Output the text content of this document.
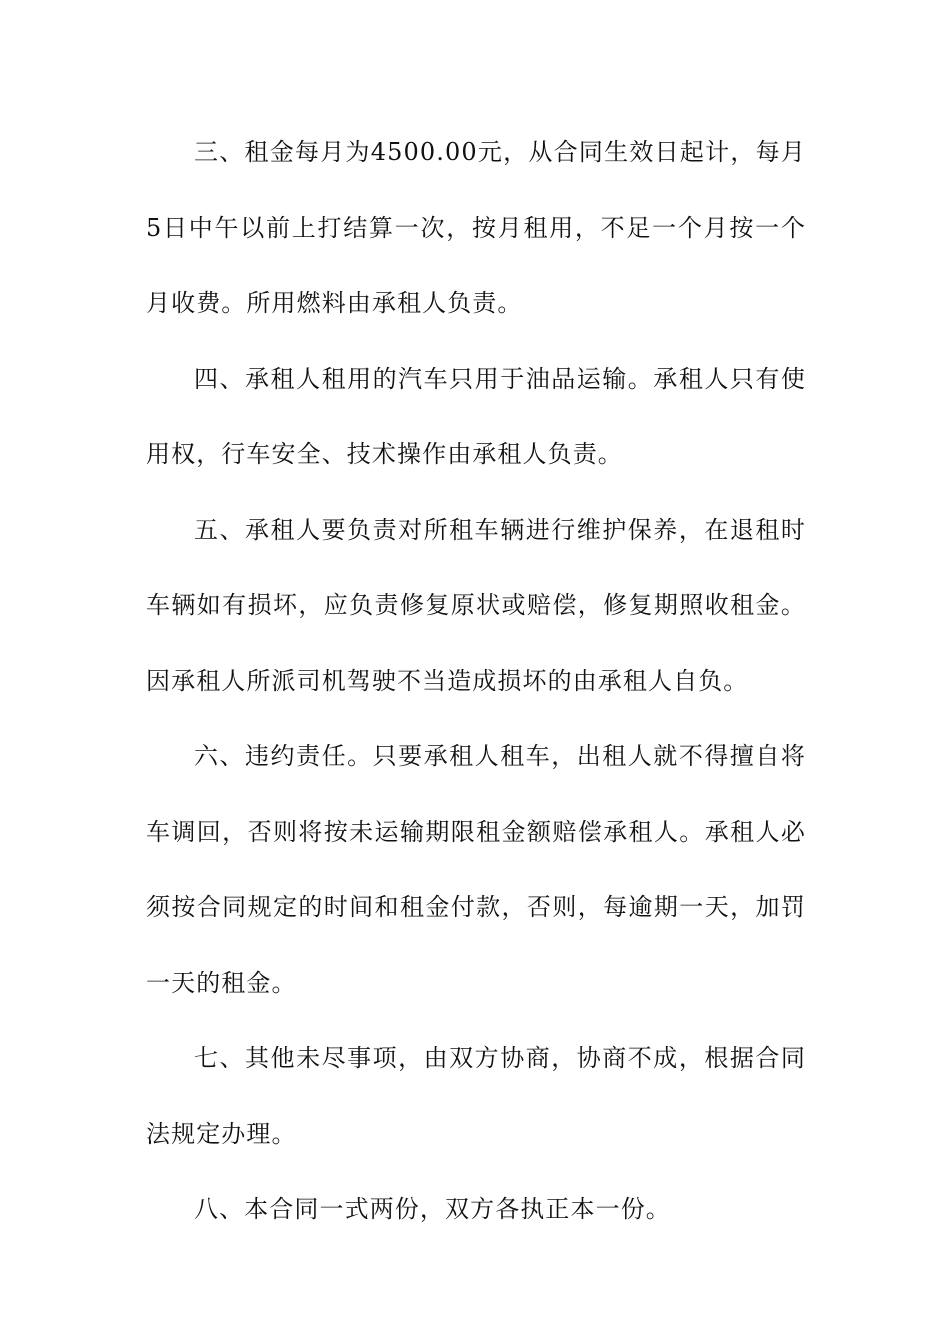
三、租金每月为4500.00元，从合同生效日起计，每月5日中午以前上打结算一次，按月租用，不足一个月按一个月收费。所用燃料由承租人负责。

四、承租人租用的汽车只用于油品运输。承租人只有使用权，行车安全、技术操作由承租人负责。

五、承租人要负责对所租车辆进行维护保养，在退租时车辆如有损坏，应负责修复原状或赔偿，修复期照收租金。因承租人所派司机驾驶不当造成损坏的由承租人自负。

六、违约责任。只要承租人租车，出租人就不得擅自将车调回，否则将按未运输期限租金额赔偿承租人。承租人必须按合同规定的时间和租金付款，否则，每逾期一天，加罚一天的租金。

七、其他未尽事项，由双方协商，协商不成，根据合同法规定办理。

八、本合同一式两份，双方各执正本一份。
